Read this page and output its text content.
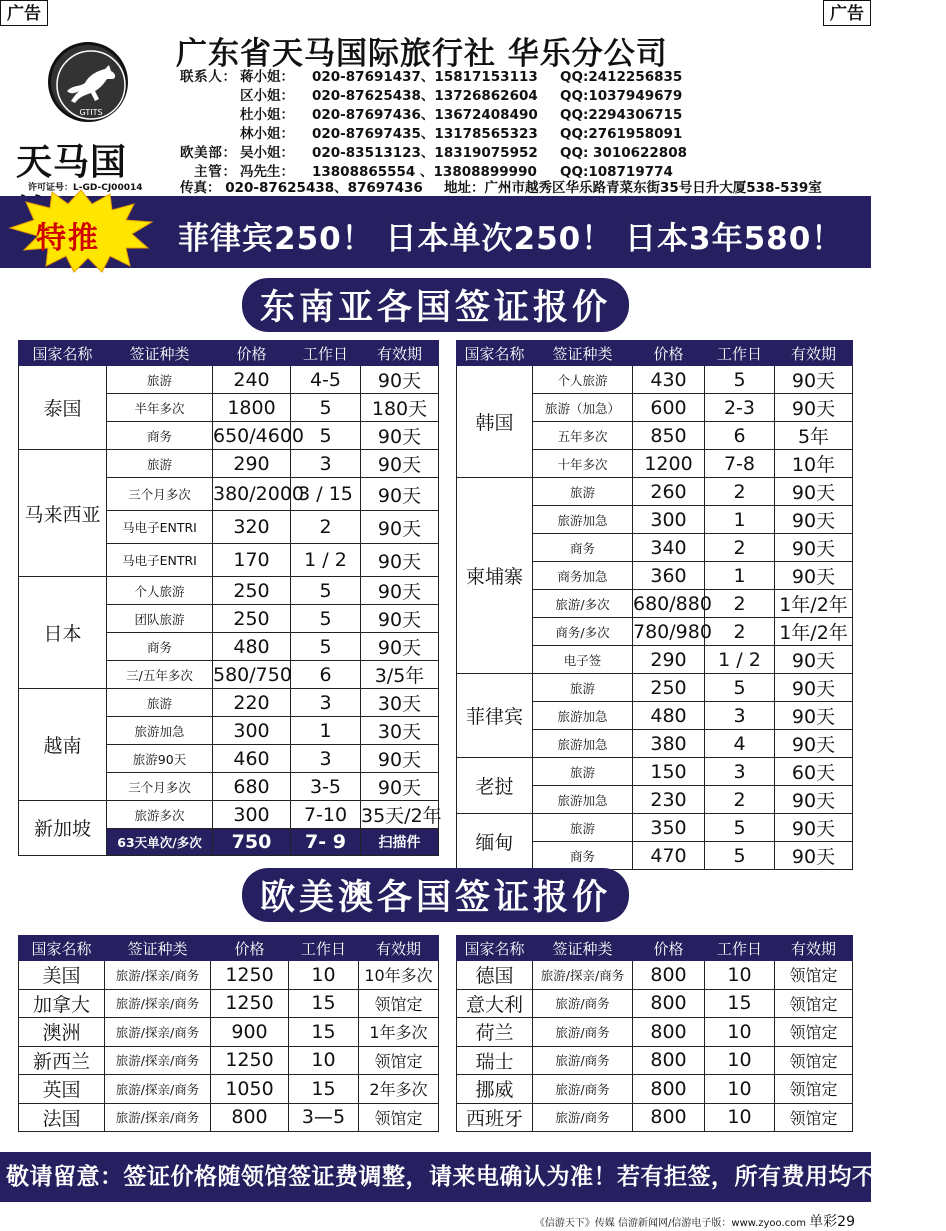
广告	广告
GTITS
天马国
许可证号：L-GD-CJ00014
广东省天马国际旅行社 华乐分公司
联系人： 蒋小姐： 020-87691437、15817153113 QQ:2412256835
区小姐： 020-87625438、13726862604 QQ:1037949679
杜小姐： 020-87697436、13672408490 QQ:2294306715
林小姐： 020-87697435、13178565323 QQ:2761958091
欧美部： 吴小姐： 020-83513123、18319075952 QQ: 3010622808
主管： 冯先生： 13808865554 、13808899990 QQ:108719774
传真： 020-87625438、87697436 地址：广州市越秀区华乐路青菜东街35号日升大厦538-539室
特推	菲律宾250！ 日本单次250！ 日本3年580！
东南亚各国签证报价
国家名称	签证种类	价格	工作日	有效期
泰国	旅游	240	4-5	90天
	半年多次	1800	5	180天
	商务	650/4600	5	90天
马来西亚	旅游	290	3	90天
	三个月多次	380/2000	3 / 15	90天
	马电子ENTRI	320	2	90天
	马电子ENTRI	170	1 / 2	90天
日本	个人旅游	250	5	90天
	团队旅游	250	5	90天
	商务	480	5	90天
	三/五年多次	580/750	6	3/5年
越南	旅游	220	3	30天
	旅游加急	300	1	30天
	旅游90天	460	3	90天
	三个月多次	680	3-5	90天
新加坡	旅游多次	300	7-10	35天/2年
	63天单次/多次	750	7- 9	扫描件
国家名称	签证种类	价格	工作日	有效期
韩国	个人旅游	430	5	90天
	旅游（加急）	600	2-3	90天
	五年多次	850	6	5年
	十年多次	1200	7-8	10年
柬埔寨	旅游	260	2	90天
	旅游加急	300	1	90天
	商务	340	2	90天
	商务加急	360	1	90天
	旅游/多次	680/880	2	1年/2年
	商务/多次	780/980	2	1年/2年
	电子签	290	1 / 2	90天
菲律宾	旅游	250	5	90天
	旅游加急	480	3	90天
	旅游加急	380	4	90天
老挝	旅游	150	3	60天
	旅游加急	230	2	90天
缅甸	旅游	350	5	90天
	商务	470	5	90天
欧美澳各国签证报价
国家名称	签证种类	价格	工作日	有效期
美国	旅游/探亲/商务	1250	10	10年多次
加拿大	旅游/探亲/商务	1250	15	领馆定
澳洲	旅游/探亲/商务	900	15	1年多次
新西兰	旅游/探亲/商务	1250	10	领馆定
英国	旅游/探亲/商务	1050	15	2年多次
法国	旅游/探亲/商务	800	3—5	领馆定
国家名称	签证种类	价格	工作日	有效期
德国	旅游/探亲/商务	800	10	领馆定
意大利	旅游/商务	800	15	领馆定
荷兰	旅游/商务	800	10	领馆定
瑞士	旅游/商务	800	10	领馆定
挪威	旅游/商务	800	10	领馆定
西班牙	旅游/商务	800	10	领馆定
敬请留意：签证价格随领馆签证费调整，请来电确认为准！若有拒签，所有费用均不予退还
《信游天下》传媒 信游新闻网/信游电子版：www.zyoo.com 单彩29
